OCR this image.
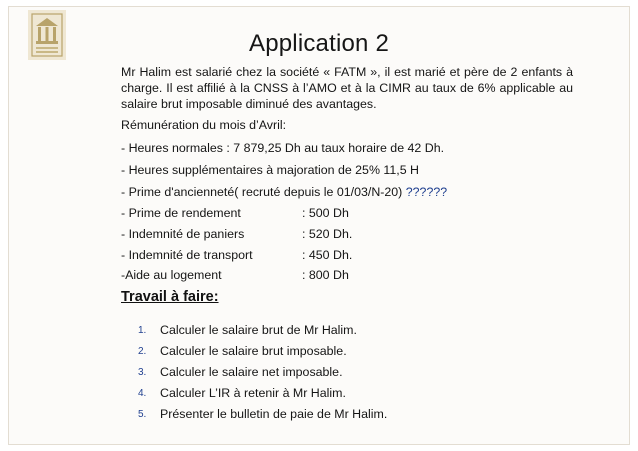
Application 2

Mr Halim est salarié chez la société « FATM », il est marié et père de 2 enfants à charge. Il est affilié à la CNSS à l’AMO et à la CIMR au taux de 6% applicable au salaire brut imposable diminué des avantages.

Rémunération du mois d’Avril:
- Heures normales : 7 879,25 Dh au taux horaire de 42 Dh.
- Heures supplémentaires à majoration de 25% 11,5 H
- Prime d'ancienneté( recruté depuis le 01/03/N-20) ??????
- Prime de rendement	: 500 Dh
- Indemnité de paniers	: 520 Dh.
- Indemnité de transport	: 450 Dh.
-Aide au logement	: 800 Dh
Travail à faire:
1. Calculer le salaire brut de Mr Halim.
2. Calculer le salaire brut imposable.
3. Calculer le salaire net imposable.
4. Calculer L’IR à retenir à Mr Halim.
5. Présenter le bulletin de paie de Mr Halim.
